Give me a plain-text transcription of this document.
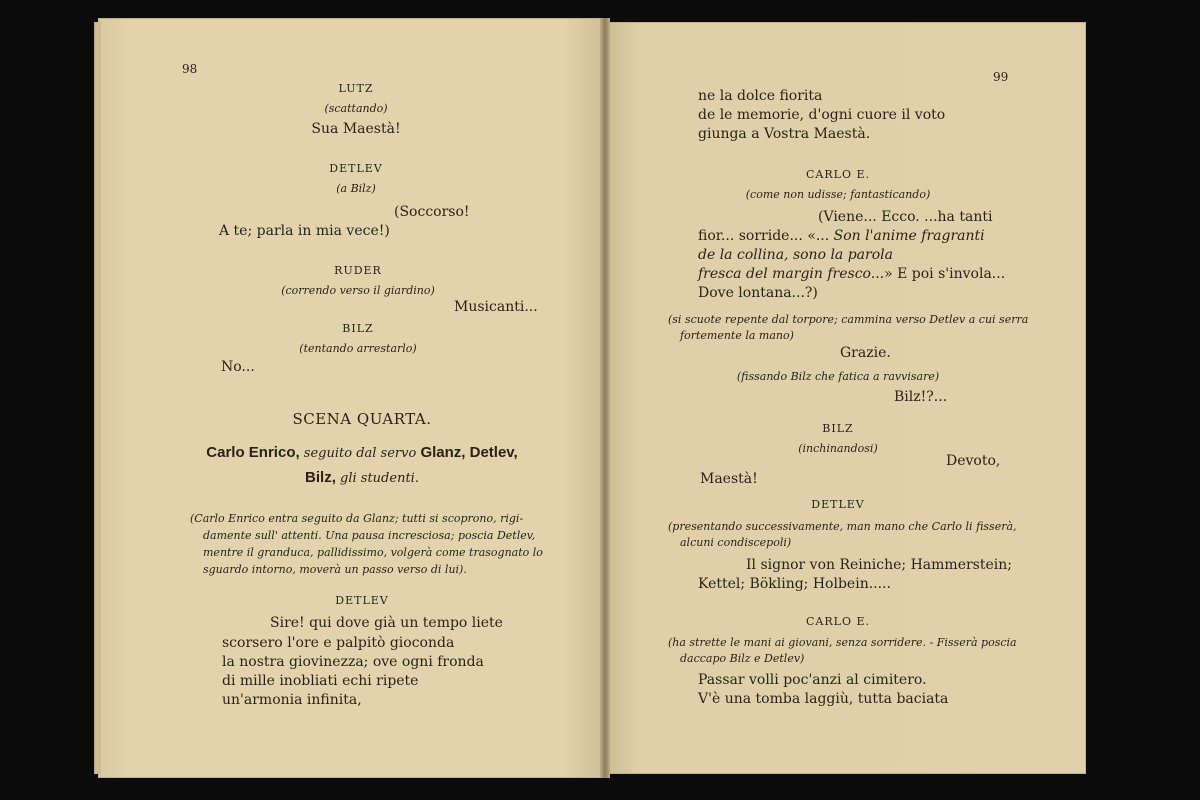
98
LUTZ
(scattando)
Sua Maestà!
DETLEV
(a Bilz)
(Soccorso!
A te; parla in mia vece!)
RUDER
(correndo verso il giardino)
Musicanti...
BILZ
(tentando arrestarlo)
No...
SCENA QUARTA.
Carlo Enrico, seguito dal servo Glanz, Detlev,
Bilz, gli studenti.
(Carlo Enrico entra seguito da Glanz; tutti si scoprono, rigi-
damente sull' attenti. Una pausa incresciosa; poscia Detlev,
mentre il granduca, pallidissimo, volgerà come trasognato lo
sguardo intorno, moverà un passo verso di lui).
DETLEV
Sire! qui dove già un tempo liete
scorsero l'ore e palpitò gioconda
la nostra giovinezza; ove ogni fronda
di mille inobliati echi ripete
un'armonia infinita,
99
ne la dolce fiorita
de le memorie, d'ogni cuore il voto
giunga a Vostra Maestà.
CARLO E.
(come non udisse; fantasticando)
(Viene... Ecco. ...ha tanti
fior... sorride... «... Son l'anime fragranti
de la collina, sono la parola
fresca del margin fresco...» E poi s'invola...
Dove lontana...?)
(si scuote repente dal torpore; cammina verso Detlev a cui serra
fortemente la mano)
Grazie.
(fissando Bilz che fatica a ravvisare)
Bilz!?...
BILZ
(inchinandosi)
Devoto,
Maestà!
DETLEV
(presentando successivamente, man mano che Carlo li fisserà,
alcuni condiscepoli)
Il signor von Reiniche; Hammerstein;
Kettel; Bökling; Holbein.....
CARLO E.
(ha strette le mani ai giovani, senza sorridere. - Fisserà poscia
daccapo Bilz e Detlev)
Passar volli poc'anzi al cimitero.
V'è una tomba laggiù, tutta baciata
